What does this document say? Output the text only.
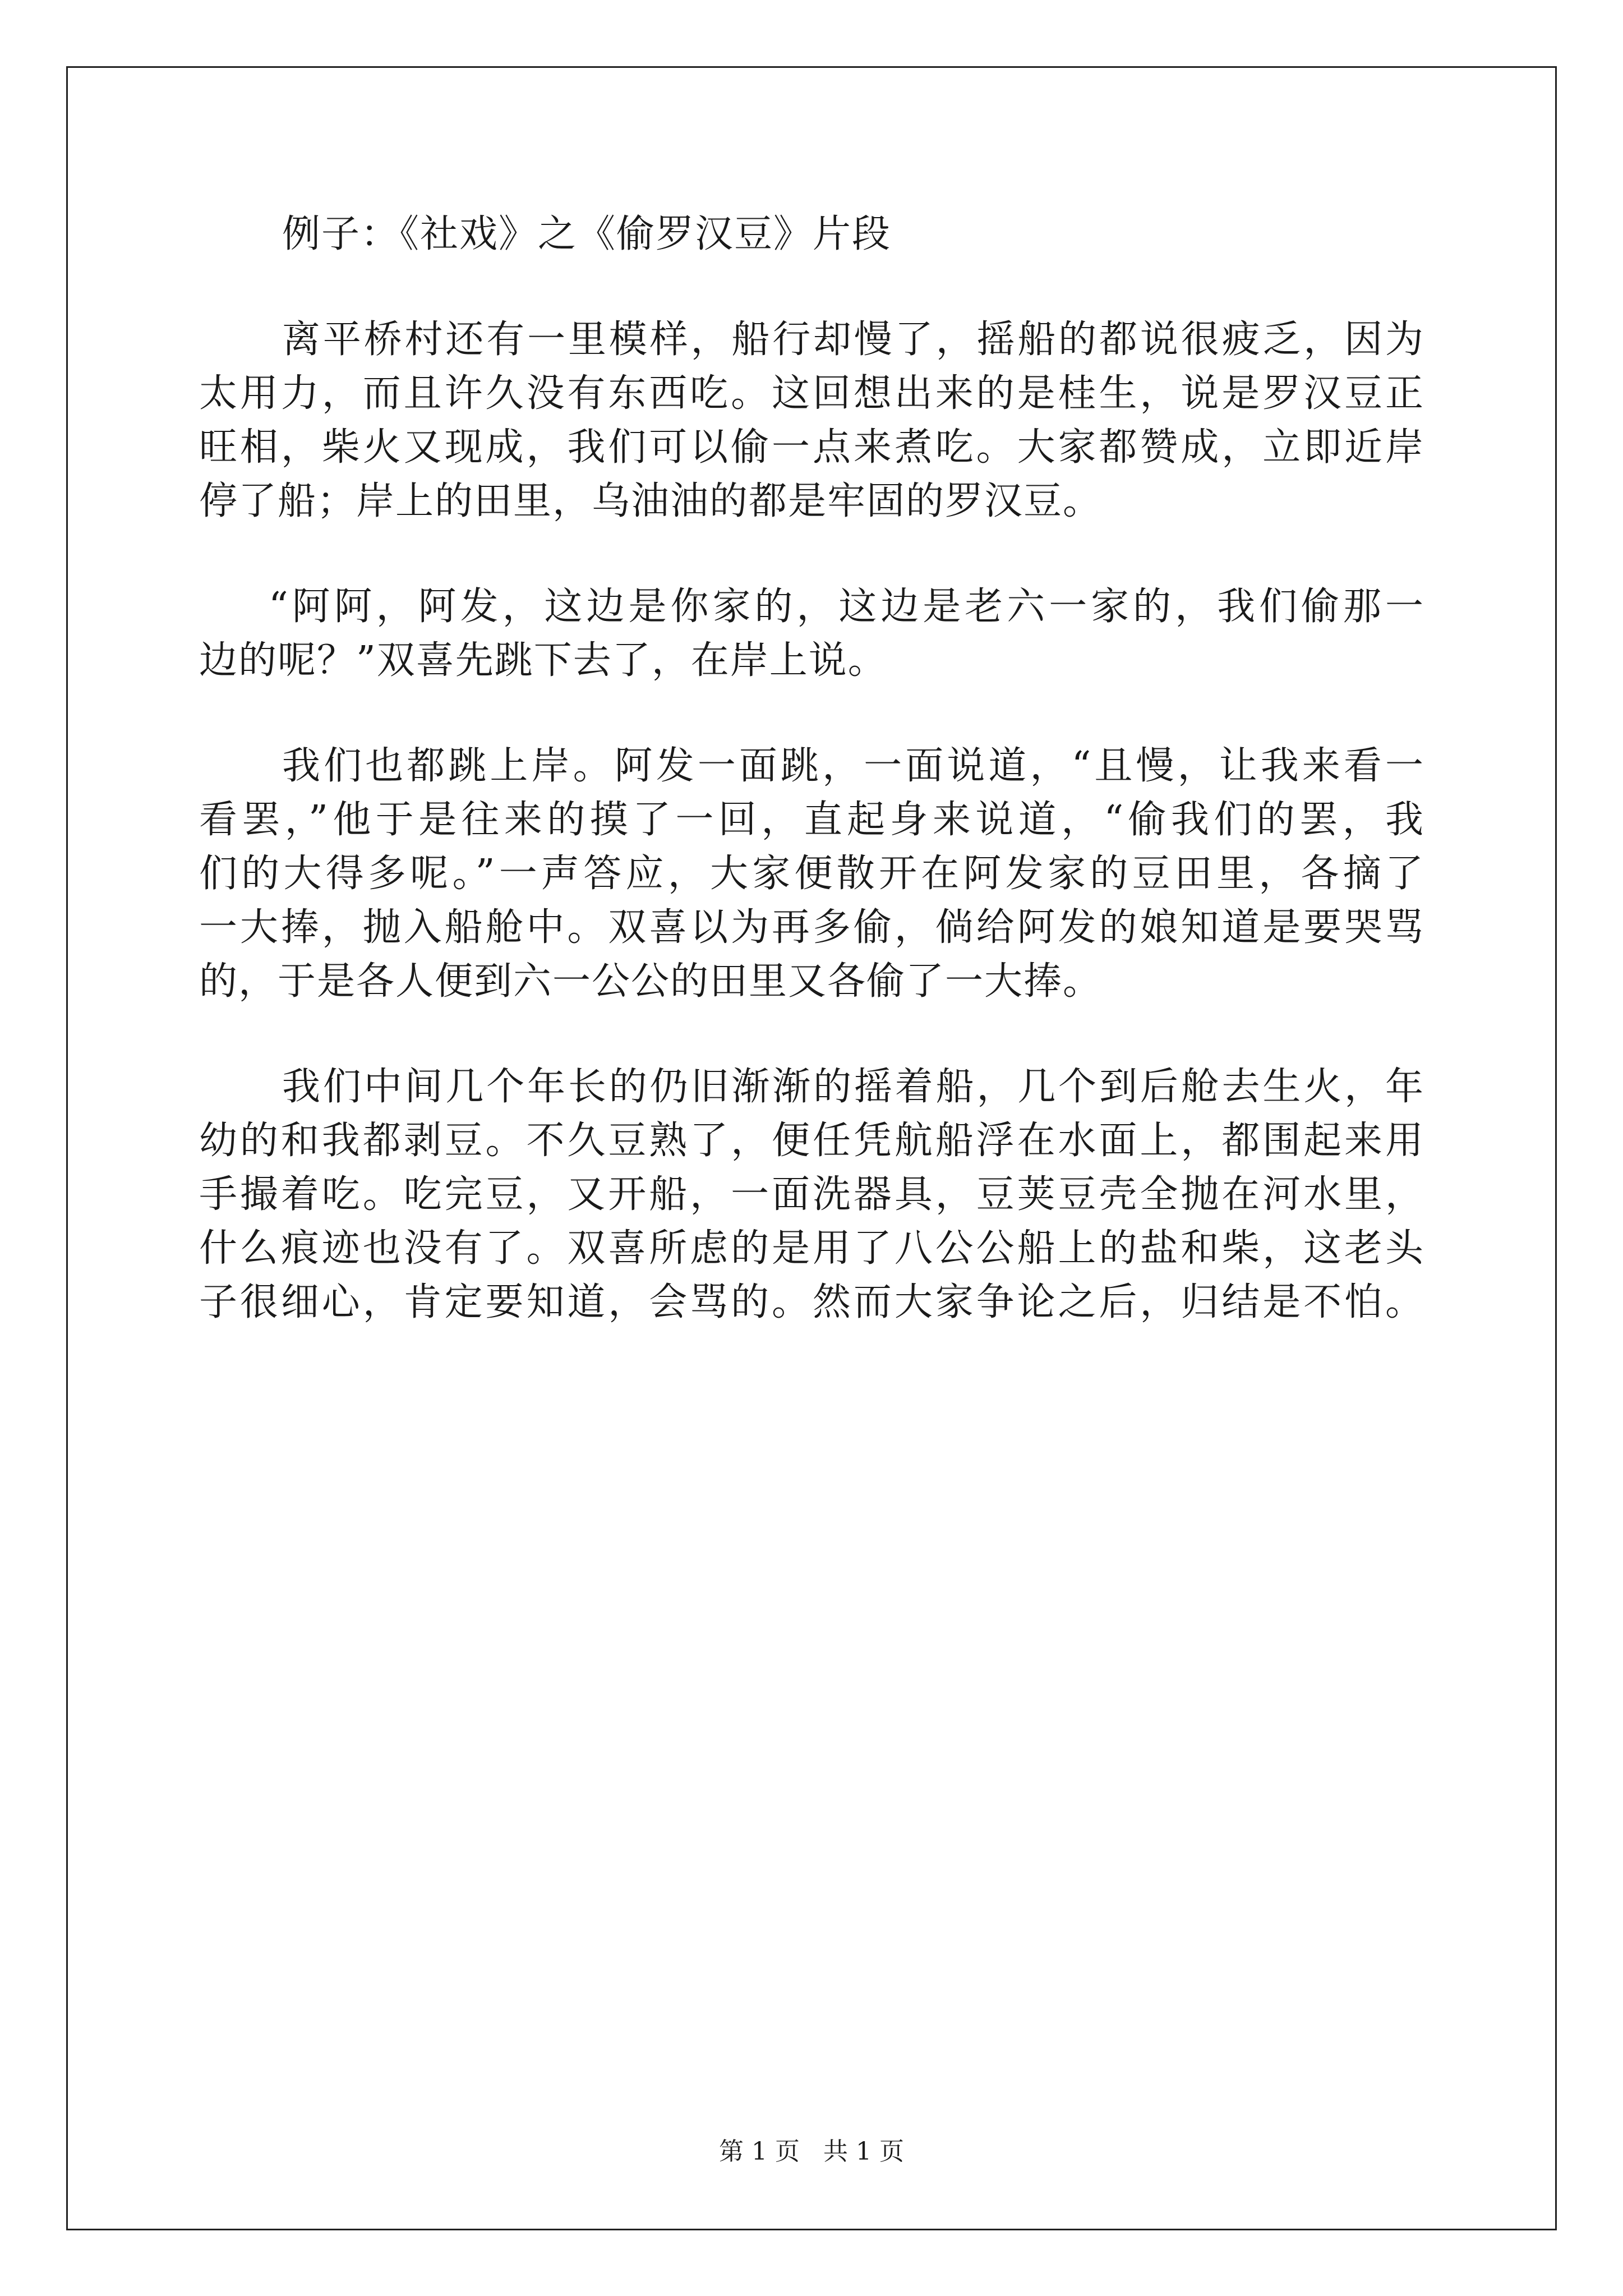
例子：《社戏》之《偷罗汉豆》片段
离平桥村还有一里模样，船行却慢了，摇船的都说很疲乏，因为
太用力，而且许久没有东西吃。这回想出来的是桂生，说是罗汉豆正
旺相，柴火又现成，我们可以偷一点来煮吃。大家都赞成，立即近岸
停了船；岸上的田里，乌油油的都是牢固的罗汉豆。
“阿阿，阿发，这边是你家的，这边是老六一家的，我们偷那一
边的呢？”双喜先跳下去了，在岸上说。
我们也都跳上岸。阿发一面跳，一面说道，“且慢，让我来看一
看罢，”他于是往来的摸了一回，直起身来说道，“偷我们的罢，我
们的大得多呢。”一声答应，大家便散开在阿发家的豆田里，各摘了
一大捧，抛入船舱中。双喜以为再多偷，倘给阿发的娘知道是要哭骂
的，于是各人便到六一公公的田里又各偷了一大捧。
我们中间几个年长的仍旧渐渐的摇着船，几个到后舱去生火，年
幼的和我都剥豆。不久豆熟了，便任凭航船浮在水面上，都围起来用
手撮着吃。吃完豆，又开船，一面洗器具，豆荚豆壳全抛在河水里，
什么痕迹也没有了。双喜所虑的是用了八公公船上的盐和柴，这老头
子很细心，肯定要知道，会骂的。然而大家争论之后，归结是不怕。
第 1 页   共 1 页
